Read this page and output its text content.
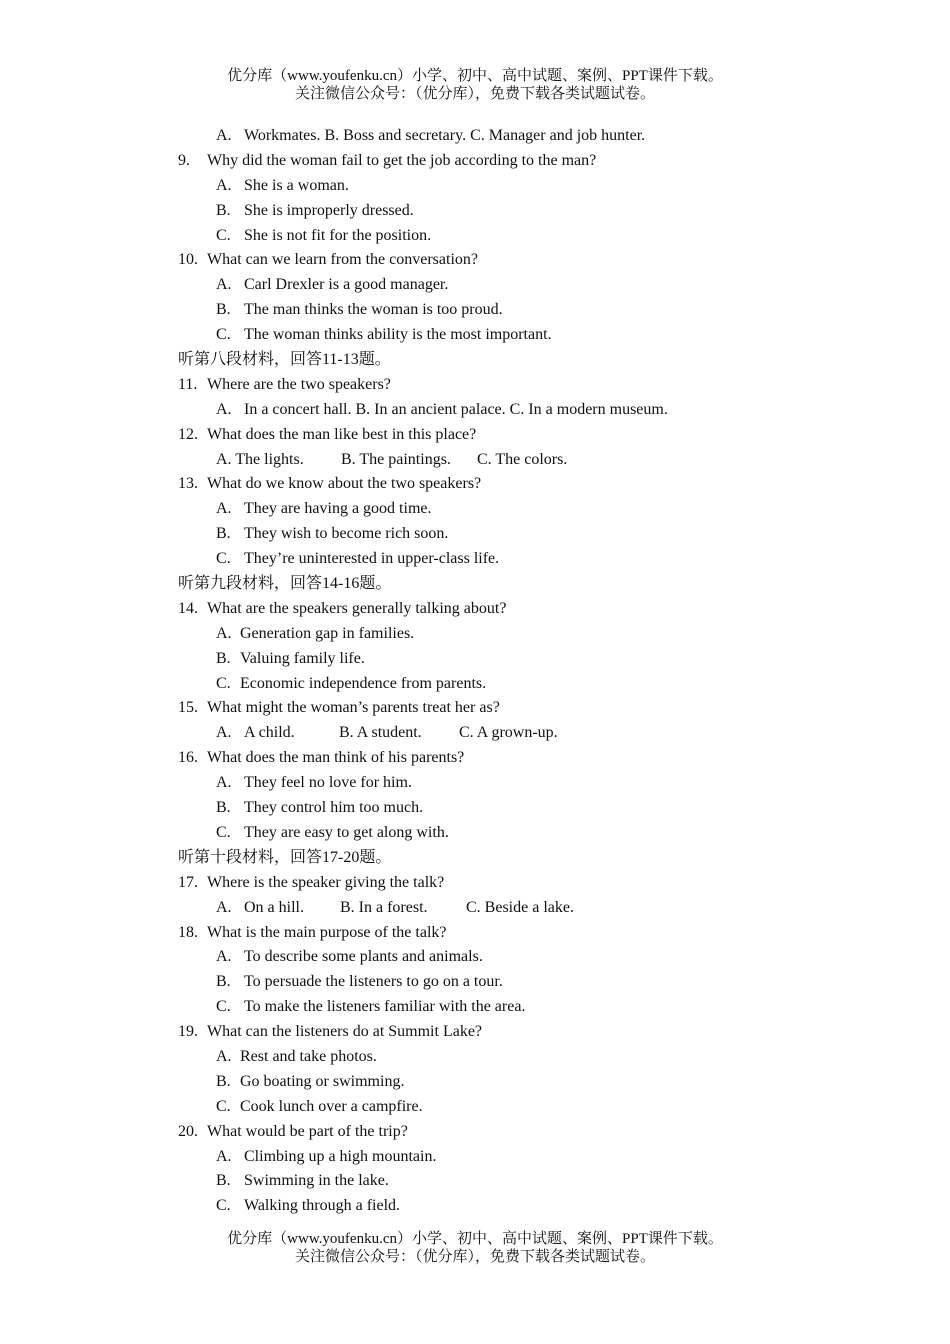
优分库（www.youfenku.cn）小学、初中、高中试题、案例、PPT课件下载。
关注微信公众号：（优分库），免费下载各类试题试卷。
A. Workmates. B. Boss and secretary. C. Manager and job hunter.
9. Why did the woman fail to get the job according to the man?
A. She is a woman.
B. She is improperly dressed.
C. She is not fit for the position.
10. What can we learn from the conversation?
A. Carl Drexler is a good manager.
B. The man thinks the woman is too proud.
C. The woman thinks ability is the most important.
听第八段材料，回答11-13题。
11. Where are the two speakers?
A. In a concert hall. B. In an ancient palace. C. In a modern museum.
12. What does the man like best in this place?
A. The lights. B. The paintings. C. The colors.
13. What do we know about the two speakers?
A. They are having a good time.
B. They wish to become rich soon.
C. They’re uninterested in upper-class life.
听第九段材料，回答14-16题。
14. What are the speakers generally talking about?
A. Generation gap in families.
B. Valuing family life.
C. Economic independence from parents.
15. What might the woman’s parents treat her as?
A. A child.	B. A student. C. A grown-up.
16. What does the man think of his parents?
A. They feel no love for him.
B. They control him too much.
C. They are easy to get along with.
听第十段材料，回答17-20题。
17. Where is the speaker giving the talk?
A. On a hill. B. In a forest. C. Beside a lake.
18. What is the main purpose of the talk?
A. To describe some plants and animals.
B. To persuade the listeners to go on a tour.
C. To make the listeners familiar with the area.
19. What can the listeners do at Summit Lake?
A. Rest and take photos.
B. Go boating or swimming.
C. Cook lunch over a campfire.
20. What would be part of the trip?
A. Climbing up a high mountain.
B. Swimming in the lake.
C. Walking through a field.
优分库（www.youfenku.cn）小学、初中、高中试题、案例、PPT课件下载。
关注微信公众号：（优分库），免费下载各类试题试卷。
